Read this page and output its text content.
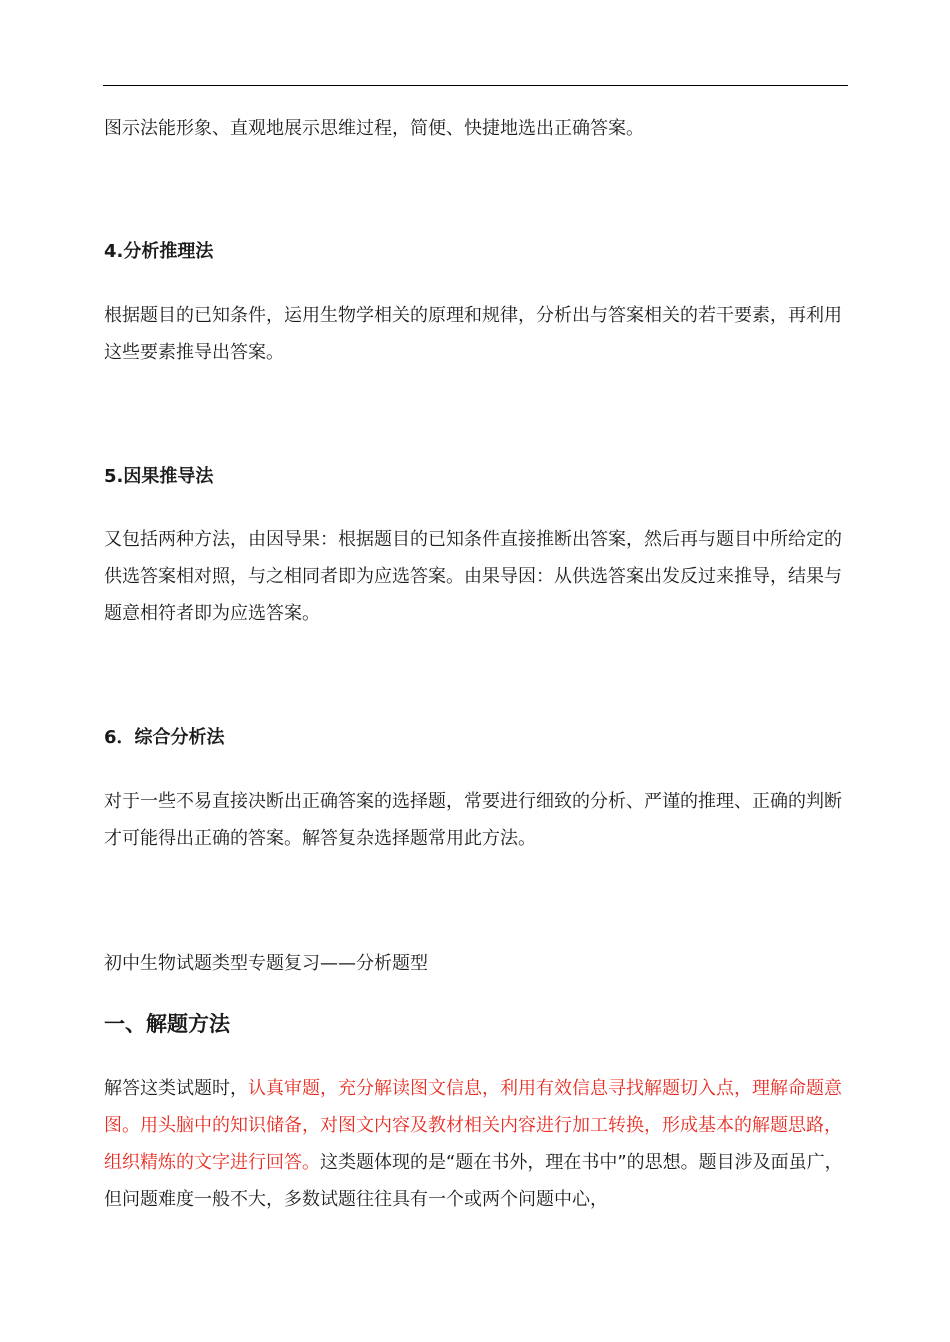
图示法能形象、直观地展示思维过程，简便、快捷地选出正确答案。

4.分析推理法

根据题目的已知条件，运用生物学相关的原理和规律，分析出与答案相关的若干要素，再利用这些要素推导出答案。

5.因果推导法

又包括两种方法，由因导果：根据题目的已知条件直接推断出答案，然后再与题目中所给定的供选答案相对照，与之相同者即为应选答案。由果导因：从供选答案出发反过来推导，结果与题意相符者即为应选答案。

6．综合分析法

对于一些不易直接决断出正确答案的选择题，常要进行细致的分析、严谨的推理、正确的判断才可能得出正确的答案。解答复杂选择题常用此方法。

初中生物试题类型专题复习——分析题型

一、解题方法

解答这类试题时，认真审题，充分解读图文信息，利用有效信息寻找解题切入点，理解命题意图。用头脑中的知识储备，对图文内容及教材相关内容进行加工转换，形成基本的解题思路，组织精炼的文字进行回答。这类题体现的是“题在书外，理在书中”的思想。题目涉及面虽广，但问题难度一般不大，多数试题往往具有一个或两个问题中心，
